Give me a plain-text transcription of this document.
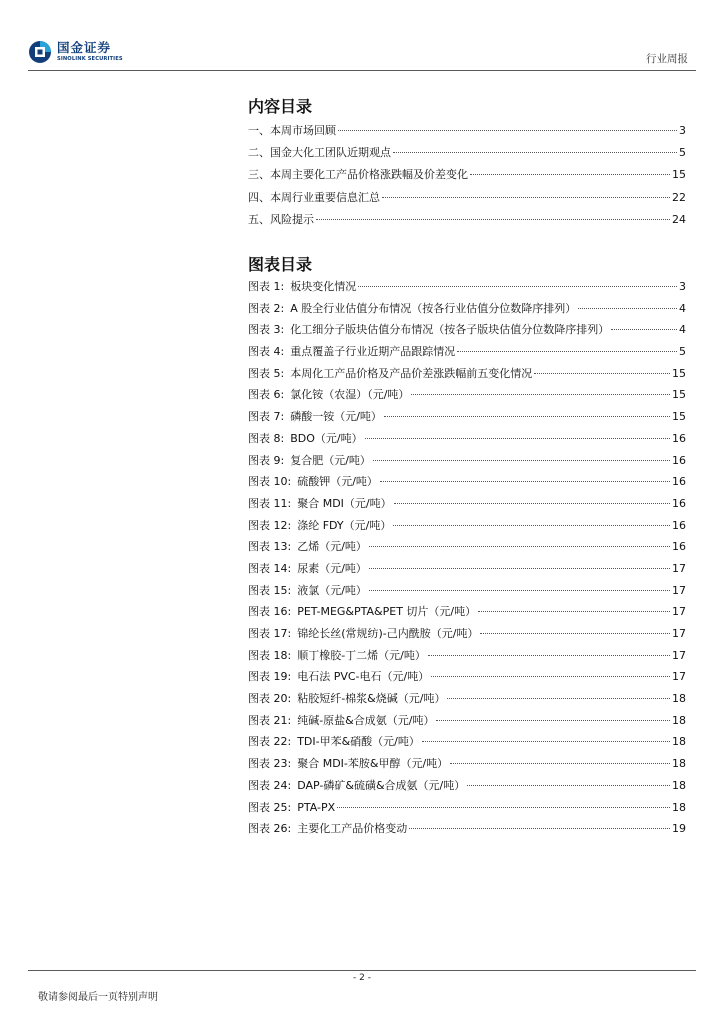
国金证券
SINOLINK SECURITIES	行业周报
内容目录
一、本周市场回顾	3
二、国金大化工团队近期观点	5
三、本周主要化工产品价格涨跌幅及价差变化	15
四、本周行业重要信息汇总	22
五、风险提示	24
图表目录
图表 1: 板块变化情况	3
图表 2: A 股全行业估值分布情况（按各行业估值分位数降序排列）	4
图表 3: 化工细分子版块估值分布情况（按各子版块估值分位数降序排列）	4
图表 4: 重点覆盖子行业近期产品跟踪情况	5
图表 5: 本周化工产品价格及产品价差涨跌幅前五变化情况	15
图表 6: 氯化铵（农湿）（元/吨）	15
图表 7: 磷酸一铵（元/吨）	15
图表 8: BDO（元/吨）	16
图表 9: 复合肥（元/吨）	16
图表 10: 硫酸钾（元/吨）	16
图表 11: 聚合 MDI（元/吨）	16
图表 12: 涤纶 FDY（元/吨）	16
图表 13: 乙烯（元/吨）	16
图表 14: 尿素（元/吨）	17
图表 15: 液氯（元/吨）	17
图表 16: PET-MEG&PTA&PET 切片（元/吨）	17
图表 17: 锦纶长丝(常规纺)-己内酰胺（元/吨）	17
图表 18: 顺丁橡胶-丁二烯（元/吨）	17
图表 19: 电石法 PVC-电石（元/吨）	17
图表 20: 粘胶短纤-棉浆&烧碱（元/吨）	18
图表 21: 纯碱-原盐&合成氨（元/吨）	18
图表 22: TDI-甲苯&硝酸（元/吨）	18
图表 23: 聚合 MDI-苯胺&甲醇（元/吨）	18
图表 24: DAP-磷矿&硫磺&合成氨（元/吨）	18
图表 25: PTA-PX	18
图表 26: 主要化工产品价格变动	19
- 2 -
敬请参阅最后一页特别声明
